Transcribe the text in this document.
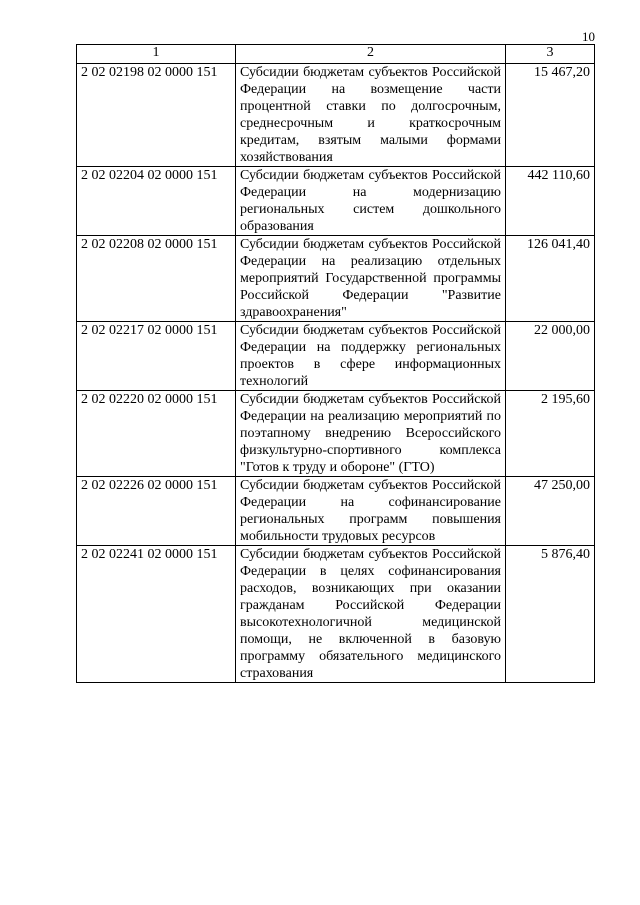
10
1	2	3
2 02 02198 02 0000 151	Субсидии бюджетам субъектов Российской Федерации на возмещение части процентной ставки по долгосрочным, среднесрочным и краткосрочным кредитам, взятым малыми формами хозяйствования	15 467,20
2 02 02204 02 0000 151	Субсидии бюджетам субъектов Российской Федерации на модернизацию региональных систем дошкольного образования	442 110,60
2 02 02208 02 0000 151	Субсидии бюджетам субъектов Российской Федерации на реализацию отдельных мероприятий Государственной программы Российской Федерации "Развитие здравоохранения"	126 041,40
2 02 02217 02 0000 151	Субсидии бюджетам субъектов Российской Федерации на поддержку региональных проектов в сфере информационных технологий	22 000,00
2 02 02220 02 0000 151	Субсидии бюджетам субъектов Российской Федерации на реализацию мероприятий по поэтапному внедрению Всероссийского физкультурно-спортивного комплекса "Готов к труду и обороне" (ГТО)	2 195,60
2 02 02226 02 0000 151	Субсидии бюджетам субъектов Российской Федерации на софинансирование региональных программ повышения мобильности трудовых ресурсов	47 250,00
2 02 02241 02 0000 151	Субсидии бюджетам субъектов Российской Федерации в целях софинансирования расходов, возникающих при оказании гражданам Российской Федерации высокотехнологичной медицинской помощи, не включенной в базовую программу обязательного медицинского страхования	5 876,40
